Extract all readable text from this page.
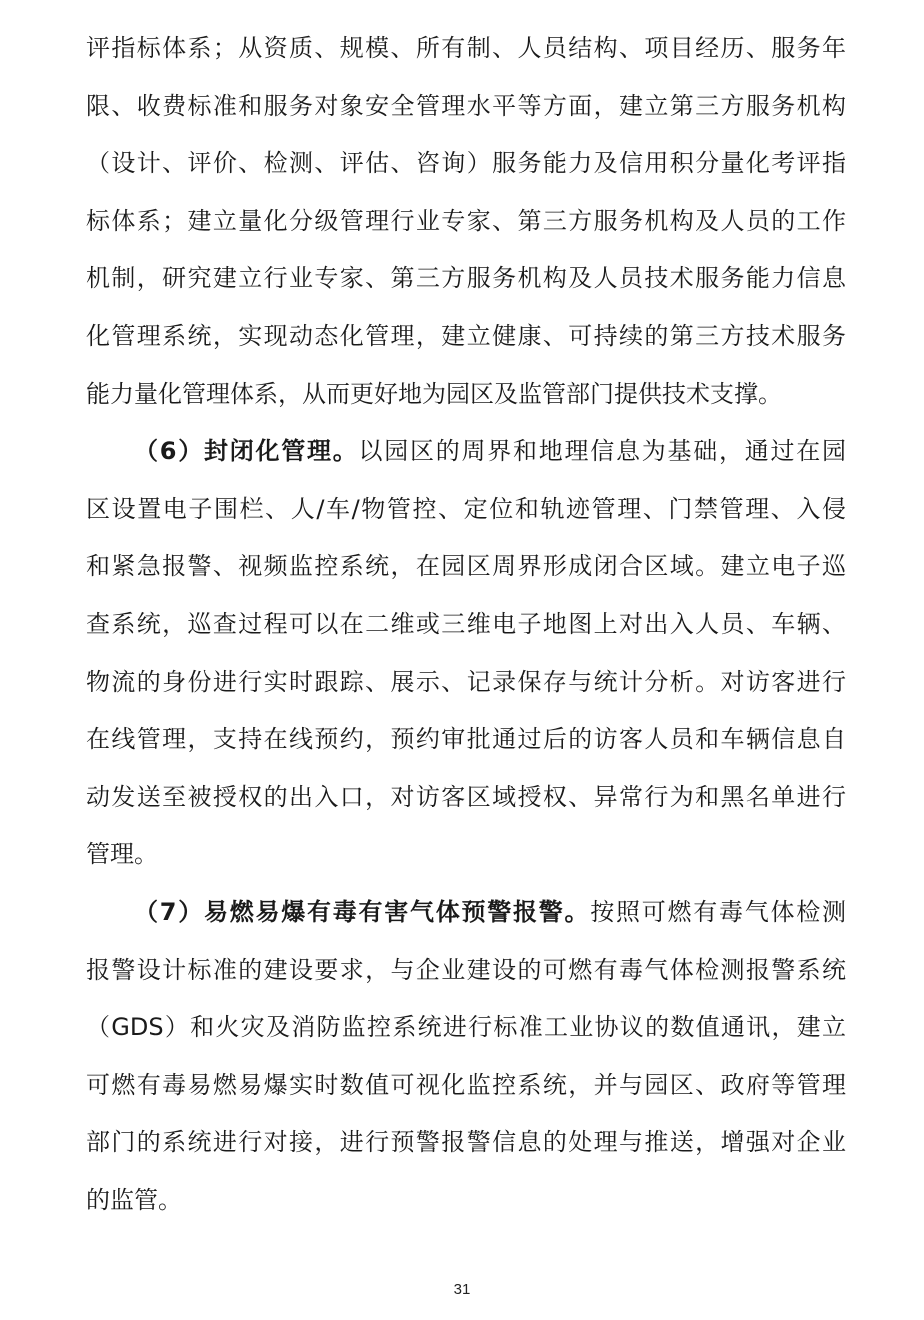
评指标体系；从资质、规模、所有制、人员结构、项目经历、服务年
限、收费标准和服务对象安全管理水平等方面，建立第三方服务机构
（设计、评价、检测、评估、咨询）服务能力及信用积分量化考评指
标体系；建立量化分级管理行业专家、第三方服务机构及人员的工作
机制，研究建立行业专家、第三方服务机构及人员技术服务能力信息
化管理系统，实现动态化管理，建立健康、可持续的第三方技术服务
能力量化管理体系，从而更好地为园区及监管部门提供技术支撑。
（6）封闭化管理。以园区的周界和地理信息为基础，通过在园
区设置电子围栏、人/车/物管控、定位和轨迹管理、门禁管理、入侵
和紧急报警、视频监控系统，在园区周界形成闭合区域。建立电子巡
查系统，巡查过程可以在二维或三维电子地图上对出入人员、车辆、
物流的身份进行实时跟踪、展示、记录保存与统计分析。对访客进行
在线管理，支持在线预约，预约审批通过后的访客人员和车辆信息自
动发送至被授权的出入口，对访客区域授权、异常行为和黑名单进行
管理。
（7）易燃易爆有毒有害气体预警报警。按照可燃有毒气体检测
报警设计标准的建设要求，与企业建设的可燃有毒气体检测报警系统
（GDS）和火灾及消防监控系统进行标准工业协议的数值通讯，建立
可燃有毒易燃易爆实时数值可视化监控系统，并与园区、政府等管理
部门的系统进行对接，进行预警报警信息的处理与推送，增强对企业
的监管。
31
